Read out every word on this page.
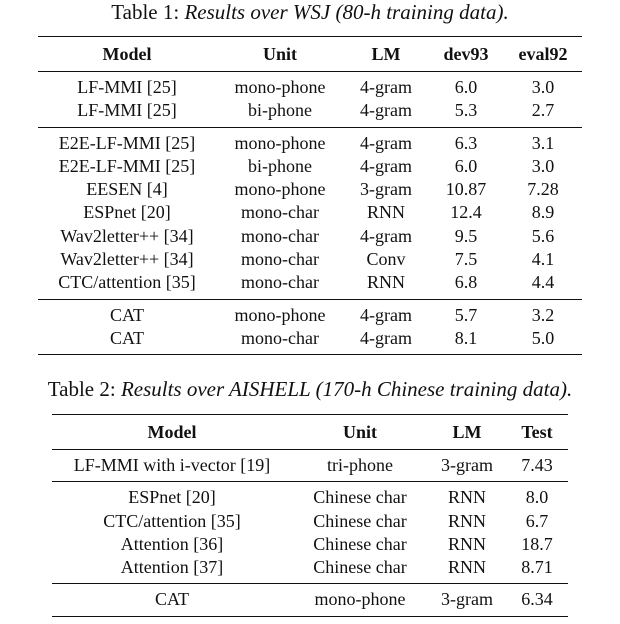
Table 1: Results over WSJ (80-h training data).
Model	Unit	LM	dev93	eval92
LF-MMI [25]	mono-phone	4-gram	6.0	3.0
LF-MMI [25]	bi-phone	4-gram	5.3	2.7
E2E-LF-MMI [25]	mono-phone	4-gram	6.3	3.1
E2E-LF-MMI [25]	bi-phone	4-gram	6.0	3.0
EESEN [4]	mono-phone	3-gram	10.87	7.28
ESPnet [20]	mono-char	RNN	12.4	8.9
Wav2letter++ [34]	mono-char	4-gram	9.5	5.6
Wav2letter++ [34]	mono-char	Conv	7.5	4.1
CTC/attention [35]	mono-char	RNN	6.8	4.4
CAT	mono-phone	4-gram	5.7	3.2
CAT	mono-char	4-gram	8.1	5.0
Table 2: Results over AISHELL (170-h Chinese training data).
Model	Unit	LM	Test
LF-MMI with i-vector [19]	tri-phone	3-gram	7.43
ESPnet [20]	Chinese char	RNN	8.0
CTC/attention [35]	Chinese char	RNN	6.7
Attention [36]	Chinese char	RNN	18.7
Attention [37]	Chinese char	RNN	8.71
CAT	mono-phone	3-gram	6.34
